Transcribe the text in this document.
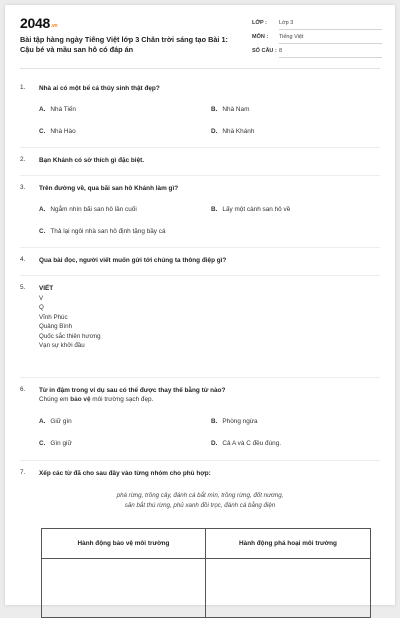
2048.vn
Bài tập hàng ngày Tiếng Việt lớp 3 Chân trời sáng tạo Bài 1: Cậu bé và mầu san hô có đáp án
LỚP : Lớp 3
MÔN : Tiếng Việt
SỐ CÂU : 8
1. Nhà ai có một bể cá thủy sinh thật đẹp?
A. Nhà Tiến	B. Nhà Nam
C. Nhà Hào	D. Nhà Khánh
2. Bạn Khánh có sở thích gì đặc biệt.
3. Trên đường về, qua bãi san hô Khánh làm gì?
A. Ngắm nhìn bãi san hô lần cuối	B. Lấy một cành san hô về
C. Thả lại ngôi nhà san hô định tặng bầy cá
4. Qua bài đọc, người viết muốn gửi tới chúng ta thông điệp gì?
5. VIẾT
V
Q
Vĩnh Phúc
Quảng Bình
Quốc sắc thiên hương
Vạn sự khởi đầu
6. Từ in đậm trong ví dụ sau có thể được thay thế bằng từ nào?
Chúng em bảo vệ môi trường sạch đẹp.
A. Giữ gìn	B. Phòng ngừa
C. Gìn giữ	D. Cả A và C đều đúng.
7. Xếp các từ đã cho sau đây vào từng nhóm cho phù hợp:
phá rừng, trồng cây, đánh cá bắt mìn, trồng rừng, đốt nương,
săn bắt thú rừng, phủ xanh đồi trọc, đánh cá bằng điện
Hành động bảo vệ môi trường	Hành động phá hoại môi trường
